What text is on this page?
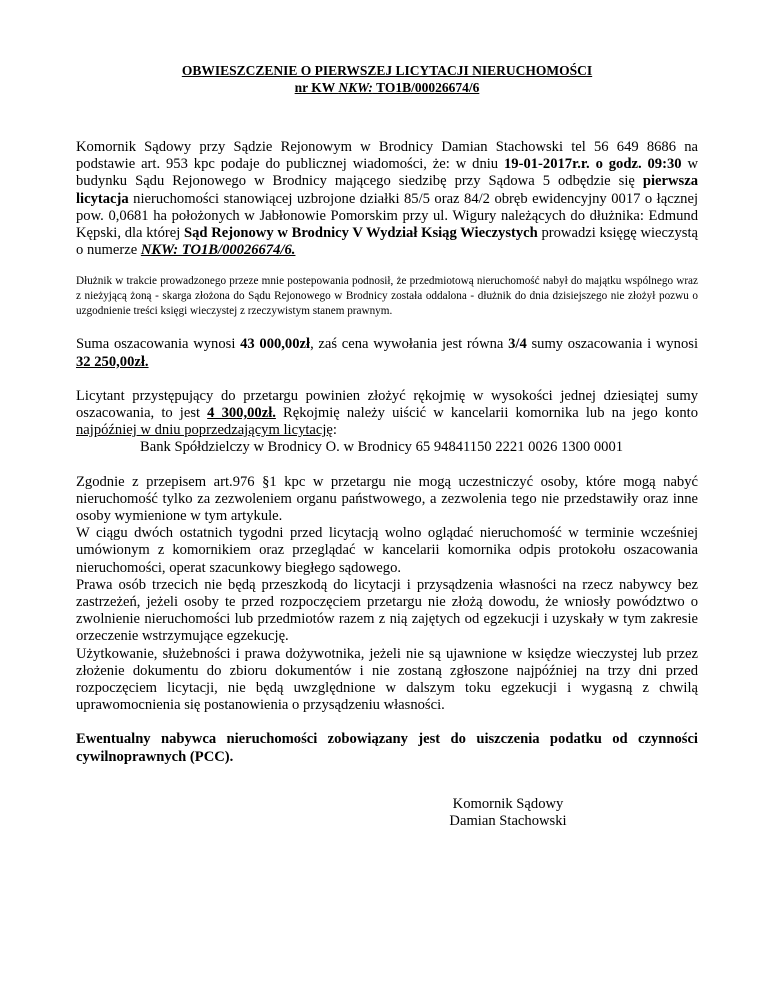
OBWIESZCZENIE O PIERWSZEJ LICYTACJI NIERUCHOMOŚCI
nr KW NKW: TO1B/00026674/6

Komornik Sądowy przy Sądzie Rejonowym w Brodnicy Damian Stachowski tel 56 649 8686 na podstawie art. 953 kpc podaje do publicznej wiadomości, że: w dniu 19-01-2017r.r. o godz. 09:30 w budynku Sądu Rejonowego w Brodnicy mającego siedzibę przy Sądowa 5 odbędzie się pierwsza licytacja nieruchomości stanowiącej uzbrojone działki 85/5 oraz 84/2 obręb ewidencyjny 0017 o łącznej pow. 0,0681 ha położonych w Jabłonowie Pomorskim przy ul. Wigury należących do dłużnika: Edmund Kępski, dla której Sąd Rejonowy w Brodnicy V Wydział Ksiąg Wieczystych prowadzi księgę wieczystą o numerze NKW: TO1B/00026674/6.

Dłużnik w trakcie prowadzonego przeze mnie postepowania podnosił, że przedmiotową nieruchomość nabył do majątku wspólnego wraz z nieżyjącą żoną - skarga złożona do Sądu Rejonowego w Brodnicy została oddalona - dłużnik do dnia dzisiejszego nie złożył pozwu o uzgodnienie treści księgi wieczystej z rzeczywistym stanem prawnym.

Suma oszacowania wynosi 43 000,00zł, zaś cena wywołania jest równa 3/4 sumy oszacowania i wynosi    32 250,00zł.

Licytant przystępujący do przetargu powinien złożyć rękojmię w wysokości jednej dziesiątej sumy oszacowania, to jest 4 300,00zł. Rękojmię należy uiścić w kancelarii komornika lub na jego konto najpóźniej w dniu poprzedzającym licytację:

Bank Spółdzielczy w Brodnicy O. w Brodnicy 65 94841150 2221 0026 1300 0001

Zgodnie z przepisem art.976 §1 kpc w przetargu nie mogą uczestniczyć osoby, które mogą nabyć nieruchomość tylko za zezwoleniem organu państwowego, a zezwolenia tego nie przedstawiły oraz inne osoby wymienione w tym artykule.

W ciągu dwóch ostatnich tygodni przed licytacją wolno oglądać nieruchomość w terminie wcześniej umówionym z komornikiem oraz przeglądać w kancelarii komornika odpis protokołu oszacowania nieruchomości, operat szacunkowy biegłego sądowego.

Prawa osób trzecich nie będą przeszkodą do licytacji i przysądzenia własności na rzecz nabywcy bez zastrzeżeń, jeżeli osoby te przed rozpoczęciem przetargu nie złożą dowodu, że wniosły powództwo o zwolnienie nieruchomości lub przedmiotów razem z nią zajętych od egzekucji i uzyskały w tym zakresie orzeczenie wstrzymujące egzekucję.

Użytkowanie, służebności i prawa dożywotnika, jeżeli nie są ujawnione w księdze wieczystej lub przez złożenie dokumentu do zbioru dokumentów i nie zostaną zgłoszone najpóźniej na trzy dni przed rozpoczęciem licytacji, nie będą uwzględnione w dalszym toku egzekucji i wygasną z chwilą uprawomocnienia się postanowienia o przysądzeniu własności.

Ewentualny nabywca nieruchomości zobowiązany jest do uiszczenia podatku od czynności cywilnoprawnych (PCC).

Komornik Sądowy
Damian Stachowski
